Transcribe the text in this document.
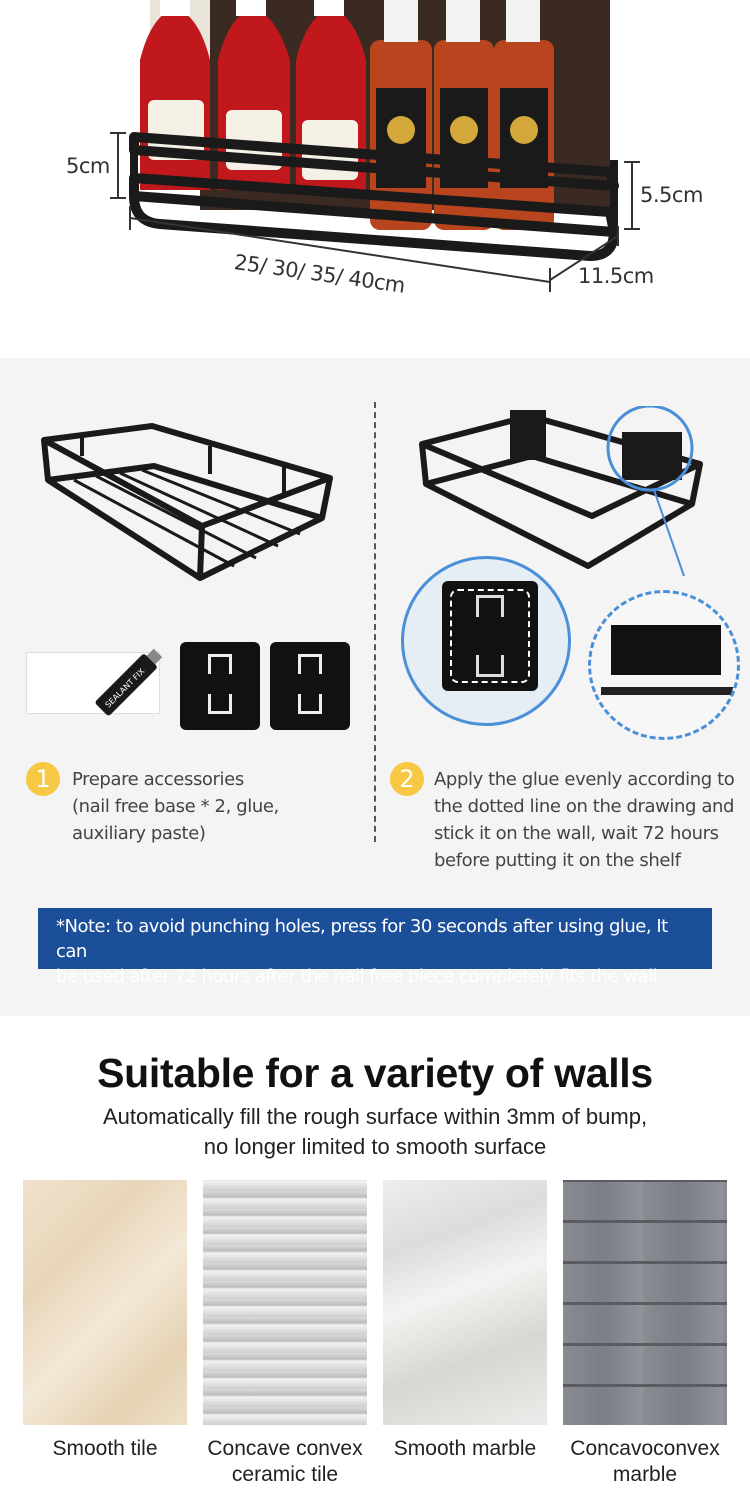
5cm
5.5cm
25/ 30/ 35/ 40cm	11.5cm
SEALANT FIX
1	Prepare accessories
(nail free base * 2, glue,
auxiliary paste)
2	Apply the glue evenly according to
the dotted line on the drawing and
stick it on the wall, wait 72 hours
before putting it on the shelf
*Note: to avoid punching holes, press for 30 seconds after using glue, It can
be used after 72 hours after the nail free piece completely fits the wall
Suitable for a variety of walls
Automatically fill the rough surface within 3mm of bump,
no longer limited to smooth surface
Smooth tile	Concave convex
ceramic tile
Smooth marble	Concavoconvex
marble
